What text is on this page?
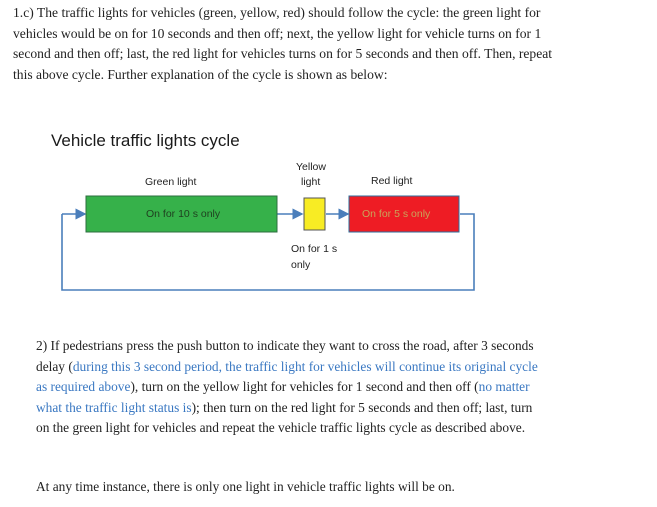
1.c) The traffic lights for vehicles (green, yellow, red) should follow the cycle: the green light for
vehicles would be on for 10 seconds and then off; next, the yellow light for vehicle turns on for 1
second and then off; last, the red light for vehicles turns on for 5 seconds and then off. Then, repeat
this above cycle. Further explanation of the cycle is shown as below:
Vehicle traffic lights cycle
Green light
On for 10 s only
Yellow
light
On for 1 s
only
Red light
On for 5 s only
2) If pedestrians press the push button to indicate they want to cross the road, after 3 seconds
delay (during this 3 second period, the traffic light for vehicles will continue its original cycle
as required above), turn on the yellow light for vehicles for 1 second and then off (no matter
what the traffic light status is); then turn on the red light for 5 seconds and then off; last, turn
on the green light for vehicles and repeat the vehicle traffic lights cycle as described above.
At any time instance, there is only one light in vehicle traffic lights will be on.
